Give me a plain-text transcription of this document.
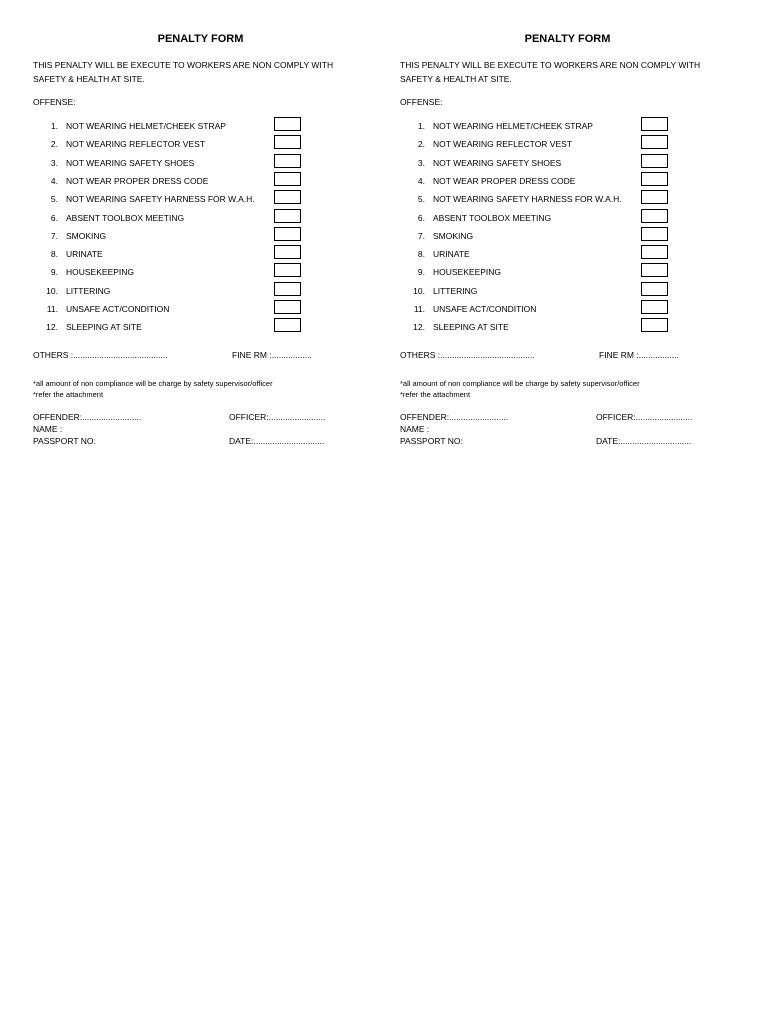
PENALTY FORM
THIS PENALTY WILL BE EXECUTE TO WORKERS ARE NON COMPLY WITH SAFETY & HEALTH AT SITE.
OFFENSE:
1. NOT WEARING HELMET/CHEEK STRAP
2. NOT WEARING REFLECTOR VEST
3. NOT WEARING SAFETY SHOES
4. NOT WEAR PROPER DRESS CODE
5. NOT WEARING SAFETY HARNESS FOR W.A.H.
6. ABSENT TOOLBOX MEETING
7. SMOKING
8. URINATE
9. HOUSEKEEPING
10. LITTERING
11. UNSAFE ACT/CONDITION
12. SLEEPING AT SITE
OTHERS :........................................	FINE RM :.................
*all amount of non compliance will be charge by safety supervisor/officer
*refer the attachment
OFFENDER:.........................	OFFICER:........................
NAME :
PASSPORT NO:	DATE:..............................
PENALTY FORM
THIS PENALTY WILL BE EXECUTE TO WORKERS ARE NON COMPLY WITH SAFETY & HEALTH AT SITE.
OFFENSE:
1. NOT WEARING HELMET/CHEEK STRAP
2. NOT WEARING REFLECTOR VEST
3. NOT WEARING SAFETY SHOES
4. NOT WEAR PROPER DRESS CODE
5. NOT WEARING SAFETY HARNESS FOR W.A.H.
6. ABSENT TOOLBOX MEETING
7. SMOKING
8. URINATE
9. HOUSEKEEPING
10. LITTERING
11. UNSAFE ACT/CONDITION
12. SLEEPING AT SITE
OTHERS :........................................	FINE RM :.................
*all amount of non compliance will be charge by safety supervisor/officer
*refer the attachment
OFFENDER:.........................	OFFICER:........................
NAME :
PASSPORT NO:	DATE:..............................
